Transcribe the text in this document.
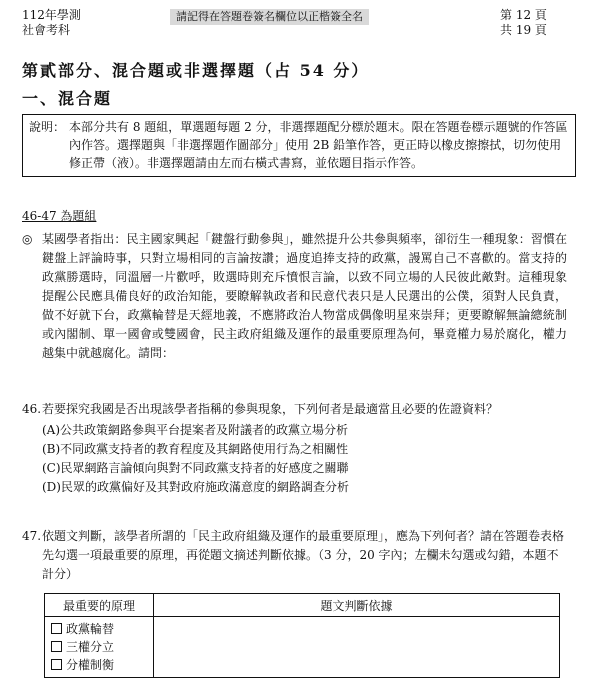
112年學測
社會考科
請記得在答題卷簽名欄位以正楷簽全名	第 12 頁
共 19 頁
第貳部分、混合題或非選擇題（占 54 分）
一、混合題
說明： 本部分共有 8 題組，單選題每題 2 分，非選擇題配分標於題末。限在答題卷標示題號的作答區內作答。選擇題與「非選擇題作圖部分」使用 2B 鉛筆作答，更正時以橡皮擦擦拭，切勿使用修正帶（液）。非選擇題請由左而右橫式書寫，並依題目指示作答。
46-47 為題組
◎ 某國學者指出：民主國家興起「鍵盤行動參與」，雖然提升公共參與頻率，卻衍生一種現象：習慣在鍵盤上評論時事，只對立場相同的言論按讚；過度追捧支持的政黨，謾罵自己不喜歡的。當支持的政黨勝選時，同溫層一片歡呼，敗選時則充斥憤恨言論，以致不同立場的人民彼此敵對。這種現象提醒公民應具備良好的政治知能，要瞭解執政者和民意代表只是人民選出的公僕，須對人民負責，做不好就下台，政黨輪替是天經地義，不應將政治人物當成偶像明星來崇拜；更要瞭解無論總統制或內閣制、單一國會或雙國會，民主政府組織及運作的最重要原理為何，畢竟權力易於腐化，權力越集中就越腐化。請問：
46. 若要探究我國是否出現該學者指稱的參與現象，下列何者是最適當且必要的佐證資料？
(A)公共政策網路參與平台提案者及附議者的政黨立場分析
(B)不同政黨支持者的教育程度及其網路使用行為之相關性
(C)民眾網路言論傾向與對不同政黨支持者的好感度之關聯
(D)民眾的政黨偏好及其對政府施政滿意度的網路調查分析
47. 依題文判斷，該學者所謂的「民主政府組織及運作的最重要原理」，應為下列何者？請在答題卷表格先勾選一項最重要的原理，再從題文摘述判斷依據。（3 分，20 字內；左欄未勾選或勾錯，本題不計分）
最重要的原理	題文判斷依據

政黨輪替
三權分立
分權制衡	
